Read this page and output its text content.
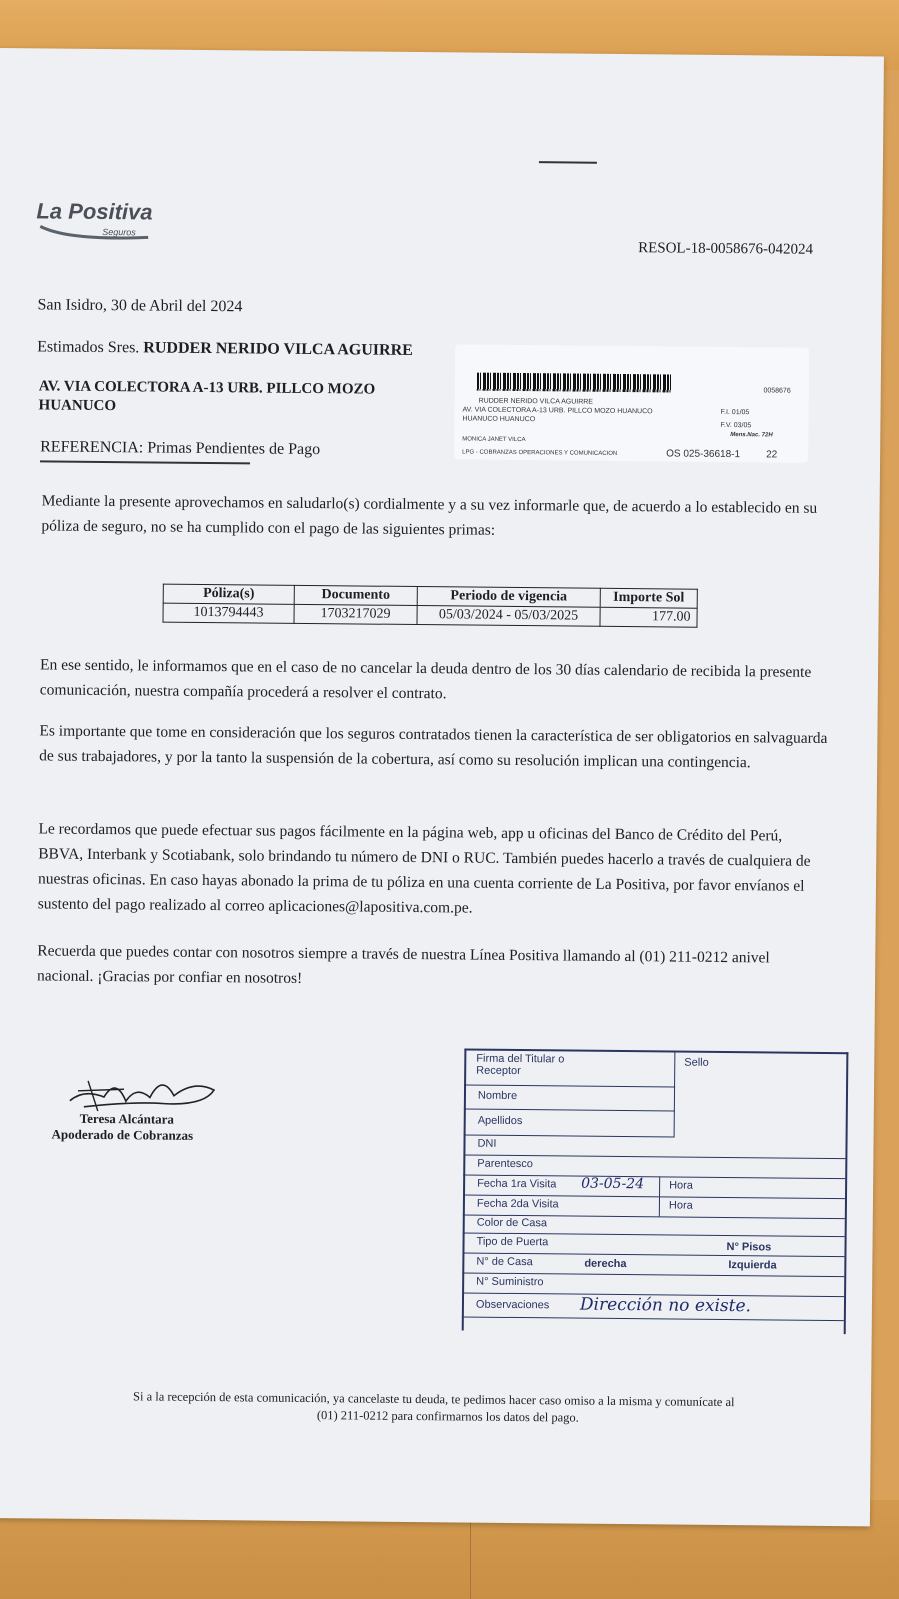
La Positiva
Seguros
RESOL-18-0058676-042024
San Isidro, 30 de Abril del 2024
Estimados Sres. RUDDER NERIDO VILCA AGUIRRE
AV. VIA COLECTORA A-13 URB. PILLCO MOZO
HUANUCO
REFERENCIA: Primas Pendientes de Pago
0058676
RUDDER NERIDO VILCA AGUIRRE
AV. VIA COLECTORA A-13 URB. PILLCO MOZO HUANUCO
HUANUCO HUANUCO
F.I. 01/05
F.V. 03/05
Mens.Nac. 72H
MONICA JANET VILCA
LPG - COBRANZAS OPERACIONES Y COMUNICACION	OS 025-36618-1	22
Mediante la presente aprovechamos en saludarlo(s) cordialmente y a su vez informarle que, de acuerdo a lo establecido en su póliza de seguro, no se ha cumplido con el pago de las siguientes primas:
Póliza(s)	Documento	Periodo de vigencia	Importe Sol
1013794443	1703217029	05/03/2024 - 05/03/2025	177.00
En ese sentido, le informamos que en el caso de no cancelar la deuda dentro de los 30 días calendario de recibida la presente comunicación, nuestra compañía procederá a resolver el contrato.
Es importante que tome en consideración que los seguros contratados tienen la característica de ser obligatorios en salvaguarda de sus trabajadores, y por la tanto la suspensión de la cobertura, así como su resolución implican una contingencia.
Le recordamos que puede efectuar sus pagos fácilmente en la página web, app u oficinas del Banco de Crédito del Perú, BBVA, Interbank y Scotiabank, solo brindando tu número de DNI o RUC. También puedes hacerlo a través de cualquiera de nuestras oficinas. En caso hayas abonado la prima de tu póliza en una cuenta corriente de La Positiva, por favor envíanos el sustento del pago realizado al correo aplicaciones@lapositiva.com.pe.
Recuerda que puedes contar con nosotros siempre a través de nuestra Línea Positiva llamando al (01) 211-0212 anivel nacional. ¡Gracias por confiar en nosotros!
Teresa Alcántara
Apoderado de Cobranzas
Firma del Titular o Receptor
Sello
Nombre
Apellidos
DNI
Parentesco
Fecha 1ra Visita 03-05-24 Hora
Fecha 2da Visita	Hora
Color de Casa
Tipo de Puerta	N° Pisos
N° de Casa	derecha	Izquierda
N° Suministro
Observaciones Dirección no existe.
Si a la recepción de esta comunicación, ya cancelaste tu deuda, te pedimos hacer caso omiso a la misma y comunícate al
(01) 211-0212 para confirmarnos los datos del pago.
